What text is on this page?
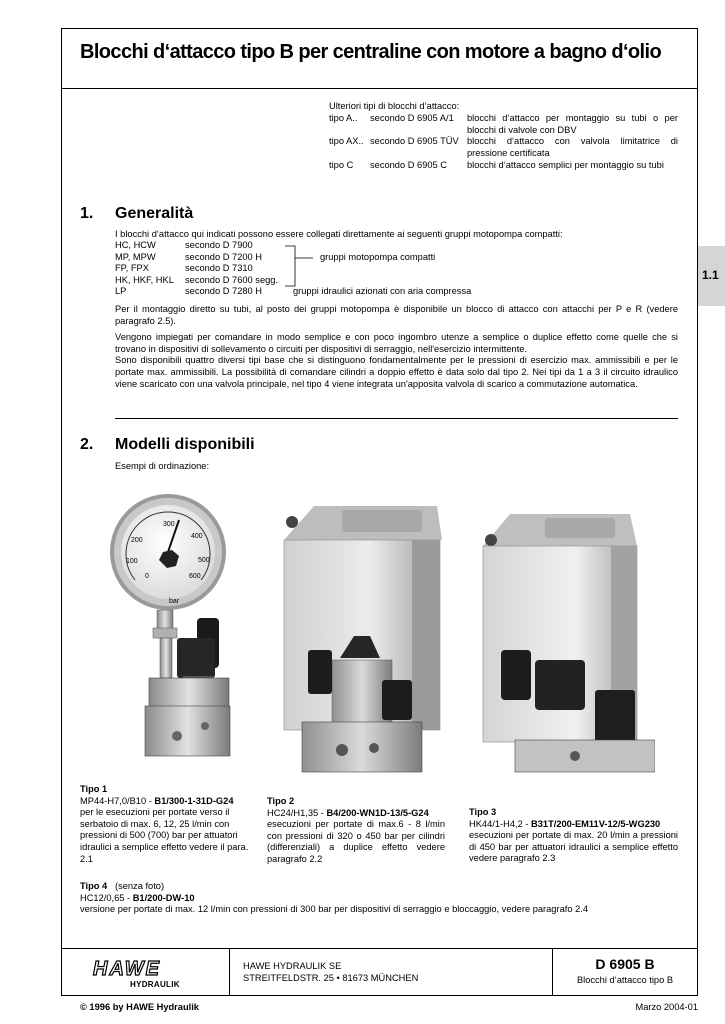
Blocchi d‘attacco tipo B per centraline con motore a bagno d‘olio
1.1
Ulteriori tipi di blocchi d‘attacco:
tipo A.. secondo D 6905 A/1 blocchi d‘attacco per montaggio su tubi o per blocchi di valvole con DBV
tipo AX.. secondo D 6905 TÜV blocchi d‘attacco con valvola limitatrice di pressione certificata
tipo C secondo D 6905 C blocchi d‘attacco semplici per montaggio su tubi
1. Generalità
I blocchi d‘attacco qui indicati possono essere collegati direttamente ai seguenti gruppi motopompa compatti:
HC, HCW	secondo D 7900
MP, MPW	secondo D 7200 H
FP, FPX	secondo D 7310
HK, HKF, HKL secondo D 7600 segg.
LP	secondo D 7280 H
gruppi motopompa compatti
gruppi idraulici azionati con aria compressa

Per il montaggio diretto su tubi, al posto dei gruppi motopompa è disponibile un blocco di attacco con attacchi per P e R (vedere paragrafo 2.5).

Vengono impiegati per comandare in modo semplice e con poco ingombro utenze a semplice o duplice effetto come quelle che si trovano in dispositivi di sollevamento o circuiti per dispositivi di serraggio, nell'esercizio intermittente.

Sono disponibili quattro diversi tipi base che si distinguono fondamentalmente per le pressioni di esercizio max. ammissibili e per le portate max. ammissibili. La possibilità di comandare cilindri a doppio effetto è data solo dal tipo 2. Nei tipi da 1 a 3 il circuito idraulico viene scaricato con una valvola principale, nel tipo 4 viene integrata un'apposita valvola di scarico a commutazione automatica.

2. Modelli disponibili
Esempi di ordinazione:
0
100
200
300
400
500
600
bar
Tipo 1
MP44-H7,0/B10 - B1/300-1-31D-G24
per le esecuzioni per portate verso il serbatoio di max. 6, 12, 25 l/min con pressioni di 500 (700) bar per attuatori idraulici a semplice effetto vedere il para. 2.1
Tipo 2
HC24/H1,35 - B4/200-WN1D-13/5-G24
esecuzioni per portate di max.6 - 8 l/min con pressioni di 320 o 450 bar per cilindri (differenziali) a duplice effetto vedere paragrafo 2.2
Tipo 3
HK44/1-H4,2 - B31T/200-EM11V-12/5-WG230
esecuzioni per portate di max. 20 l/min a pressioni di 450 bar per attuatori idraulici a semplice effetto vedere paragrafo 2.3
Tipo 4 (senza foto)
HC12/0,65 - B1/200-DW-10
versione per portate di max. 12 l/min con pressioni di 300 bar per dispositivi di serraggio e bloccaggio, vedere paragrafo 2.4
HAWE
HYDRAULIK
HAWE HYDRAULIK SE
STREITFELDSTR. 25 • 81673 MÜNCHEN
D 6905 B
Blocchi d‘attacco tipo B
© 1996 by HAWE Hydraulik	Marzo 2004-01
